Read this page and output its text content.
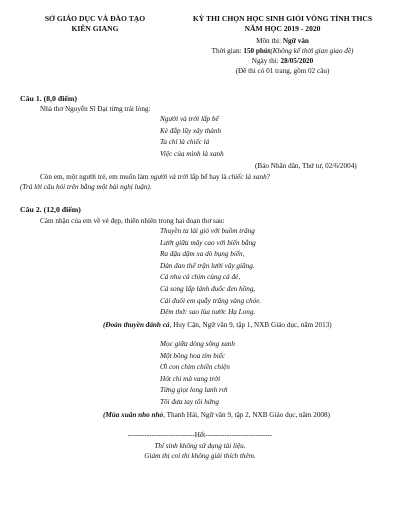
SỞ GIÁO DỤC VÀ ĐÀO TẠO
KIÊN GIANG
KỲ THI CHỌN HỌC SINH GIỎI VÒNG TỈNH THCS
NĂM HỌC 2019 - 2020
Môn thi: Ngữ văn
Thời gian: 150 phút(Không kể thời gian giao đề)
Ngày thi: 28/05/2020
(Đề thi có 01 trang, gồm 02 câu)
Câu 1. (8,0 điểm)
Nhà thơ Nguyễn Sĩ Đại từng trải lòng:
Người và trời lấp bể
Kè đắp lũy xây thành
Ta chỉ là chiếc lá
Việc của mình là xanh
(Báo Nhân dân, Thứ tư, 02/6/2004)
Còn em, một người trẻ, em muốn làm người và trời lấp bể hay là chiếc lá xanh?
(Trả lời câu hỏi trên bằng một bài nghị luận).
Câu 2. (12,0 điểm)
Cảm nhận của em về vẻ đẹp, thiên nhiên trong hai đoạn thơ sau:
Thuyền ta lái gió với buồm trăng
Lướt giữa mây cao với biển bằng
Ra đậu dặm xa dò bụng biển,
Dàn đan thế trận lưới vây giăng.
Cá nhu cá chim cùng cá đé,
Cá song lấp lánh đuốc đen hồng,
Cái đuôi em quẫy trăng vàng chóe.
Đêm thở: sao lùa nước Hạ Long.
(Đoàn thuyền đánh cá, Huy Cận, Ngữ văn 9, tập 1, NXB Giáo dục, năm 2013)
Mọc giữa dòng sông xanh
Một bông hoa tím biếc
Ơi con chim chiền chiện
Hót chi mà vang trời
Từng giọt long lanh rơi
Tôi đưa tay tôi hứng
(Mùa xuân nho nhỏ, Thanh Hải, Ngữ văn 9, tập 2, NXB Giáo dục, năm 2008)
----------------------------Hết----------------------------
Thí sinh không sử dụng tài liệu.
Giám thị coi thi không giải thích thêm.
